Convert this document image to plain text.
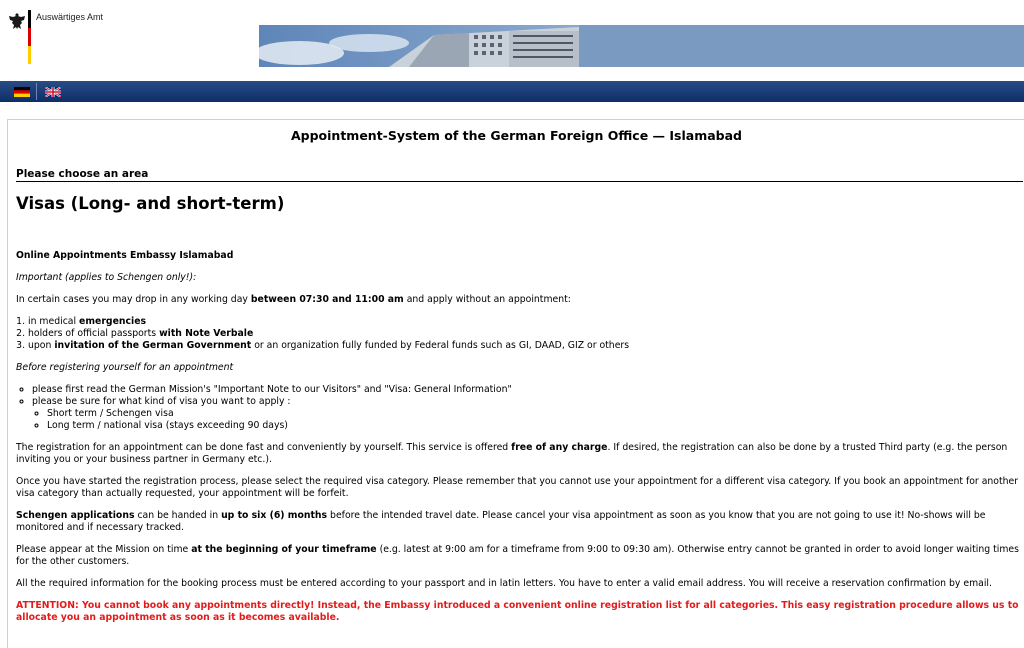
Auswärtiges Amt
Appointment-System of the German Foreign Office — Islamabad
Please choose an area
Visas (Long- and short-term)

Online Appointments Embassy Islamabad

Important (applies to Schengen only!):

In certain cases you may drop in any working day between 07:30 and 11:00 am and apply without an appointment:

1. in medical emergencies
2. holders of official passports with Note Verbale
3. upon invitation of the German Government or an organization fully funded by Federal funds such as GI, DAAD, GIZ or others

Before registering yourself for an appointment

◦ please first read the German Mission's "Important Note to our Visitors" and "Visa: General Information"
◦ please be sure for what kind of visa you want to apply :
◦ Short term / Schengen visa
◦ Long term / national visa (stays exceeding 90 days)

The registration for an appointment can be done fast and conveniently by yourself. This service is offered free of any charge. If desired, the registration can also be done by a trusted Third party (e.g. the person inviting you or your business partner in Germany etc.).

Once you have started the registration process, please select the required visa category. Please remember that you cannot use your appointment for a different visa category. If you book an appointment for another visa category than actually requested, your appointment will be forfeit.

Schengen applications can be handed in up to six (6) months before the intended travel date. Please cancel your visa appointment as soon as you know that you are not going to use it! No-shows will be monitored and if necessary tracked.

Please appear at the Mission on time at the beginning of your timeframe (e.g. latest at 9:00 am for a timeframe from 9:00 to 09:30 am). Otherwise entry cannot be granted in order to avoid longer waiting times for the other customers.

All the required information for the booking process must be entered according to your passport and in latin letters. You have to enter a valid email address. You will receive a reservation confirmation by email.

ATTENTION: You cannot book any appointments directly! Instead, the Embassy introduced a convenient online registration list for all categories. This easy registration procedure allows us to allocate you an appointment as soon as it becomes available.
